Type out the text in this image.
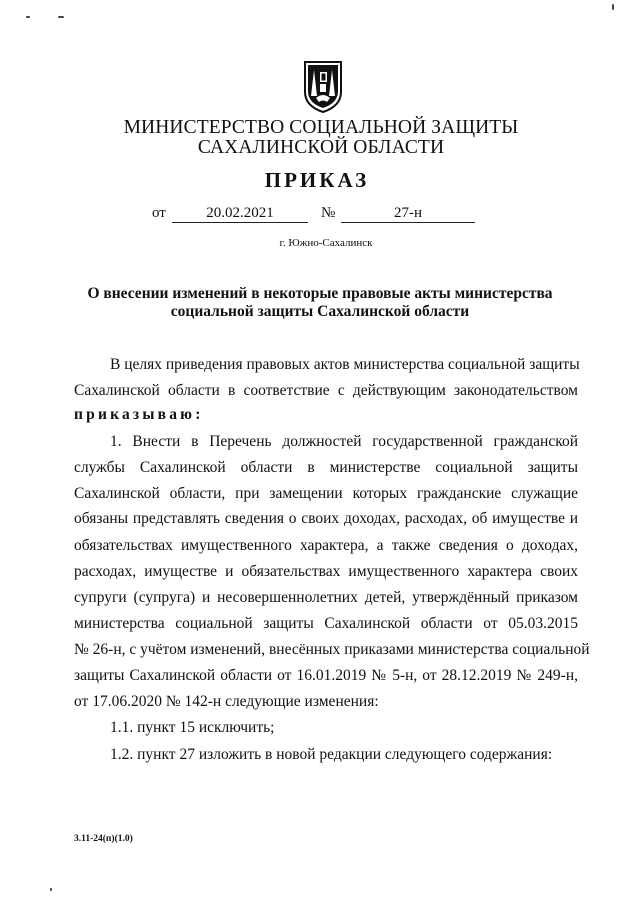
МИНИСТЕРСТВО СОЦИАЛЬНОЙ ЗАЩИТЫ
САХАЛИНСКОЙ ОБЛАСТИ
ПРИКАЗ
от	20.02.2021	№	27-н
г. Южно-Сахалинск
О внесении изменений в некоторые правовые акты министерства
социальной защиты Сахалинской области
В целях приведения правовых актов министерства социальной защиты
Сахалинской области в соответствие с действующим законодательством
приказываю:
1. Внести в Перечень должностей государственной гражданской
службы Сахалинской области в министерстве социальной защиты
Сахалинской области, при замещении которых гражданские служащие
обязаны представлять сведения о своих доходах, расходах, об имуществе и
обязательствах имущественного характера, а также сведения о доходах,
расходах, имуществе и обязательствах имущественного характера своих
супруги (супруга) и несовершеннолетних детей, утверждённый приказом
министерства социальной защиты Сахалинской области от 05.03.2015
№ 26-н, с учётом изменений, внесённых приказами министерства социальной
защиты Сахалинской области от 16.01.2019 № 5-н, от 28.12.2019 № 249-н,
от 17.06.2020 № 142-н следующие изменения:
1.1. пункт 15 исключить;
1.2. пункт 27 изложить в новой редакции следующего содержания:
3.11-24(п)(1.0)
